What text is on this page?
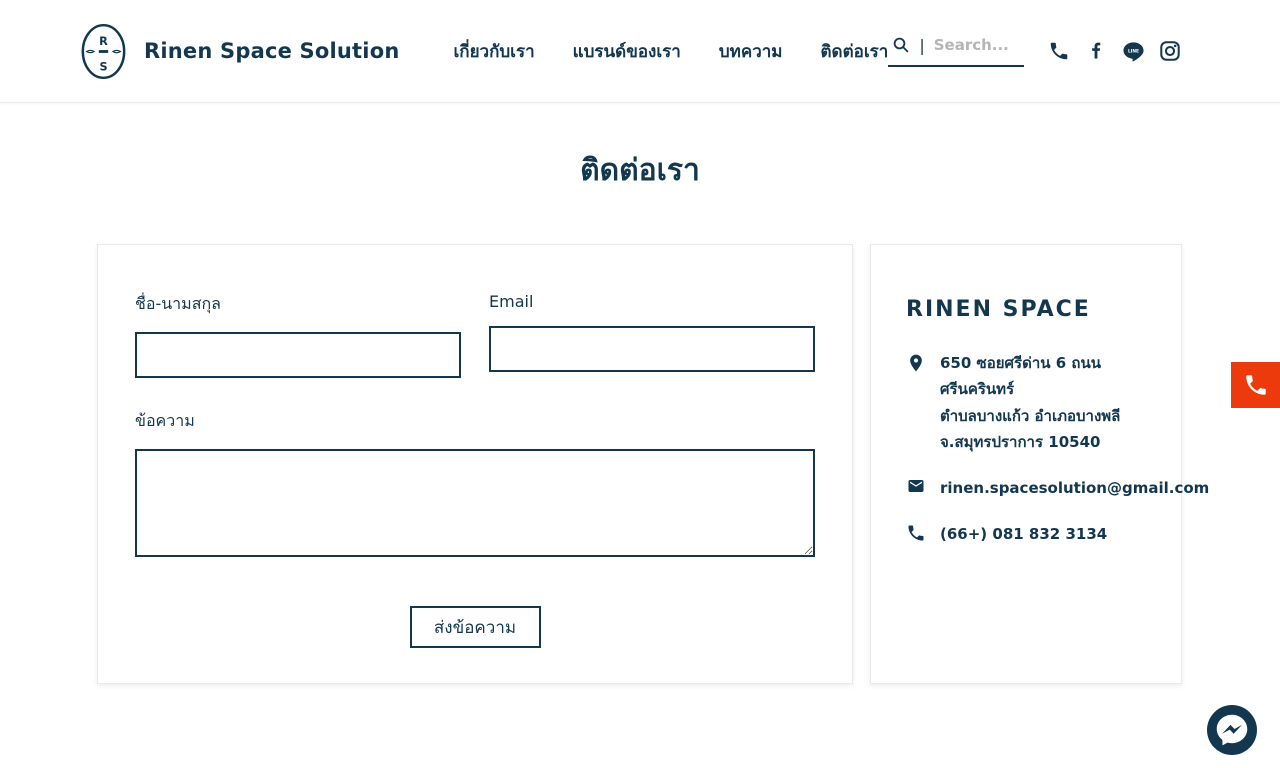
R
S
Rinen Space Solution	เกี่ยวกับเรา แบรนด์ของเรา บทความ ติดต่อเรา |
Search...	LINE
ติดต่อเรา
ชื่อ-นามสกุล	Email
ข้อความ
ส่งข้อความ
RINEN SPACE
650 ซอยศรีด่าน 6 ถนนศรีนครินทร์
ตำบลบางแก้ว อำเภอบางพลี
จ.สมุทรปราการ 10540
rinen.spacesolution@gmail.com
(66+) 081 832 3134
